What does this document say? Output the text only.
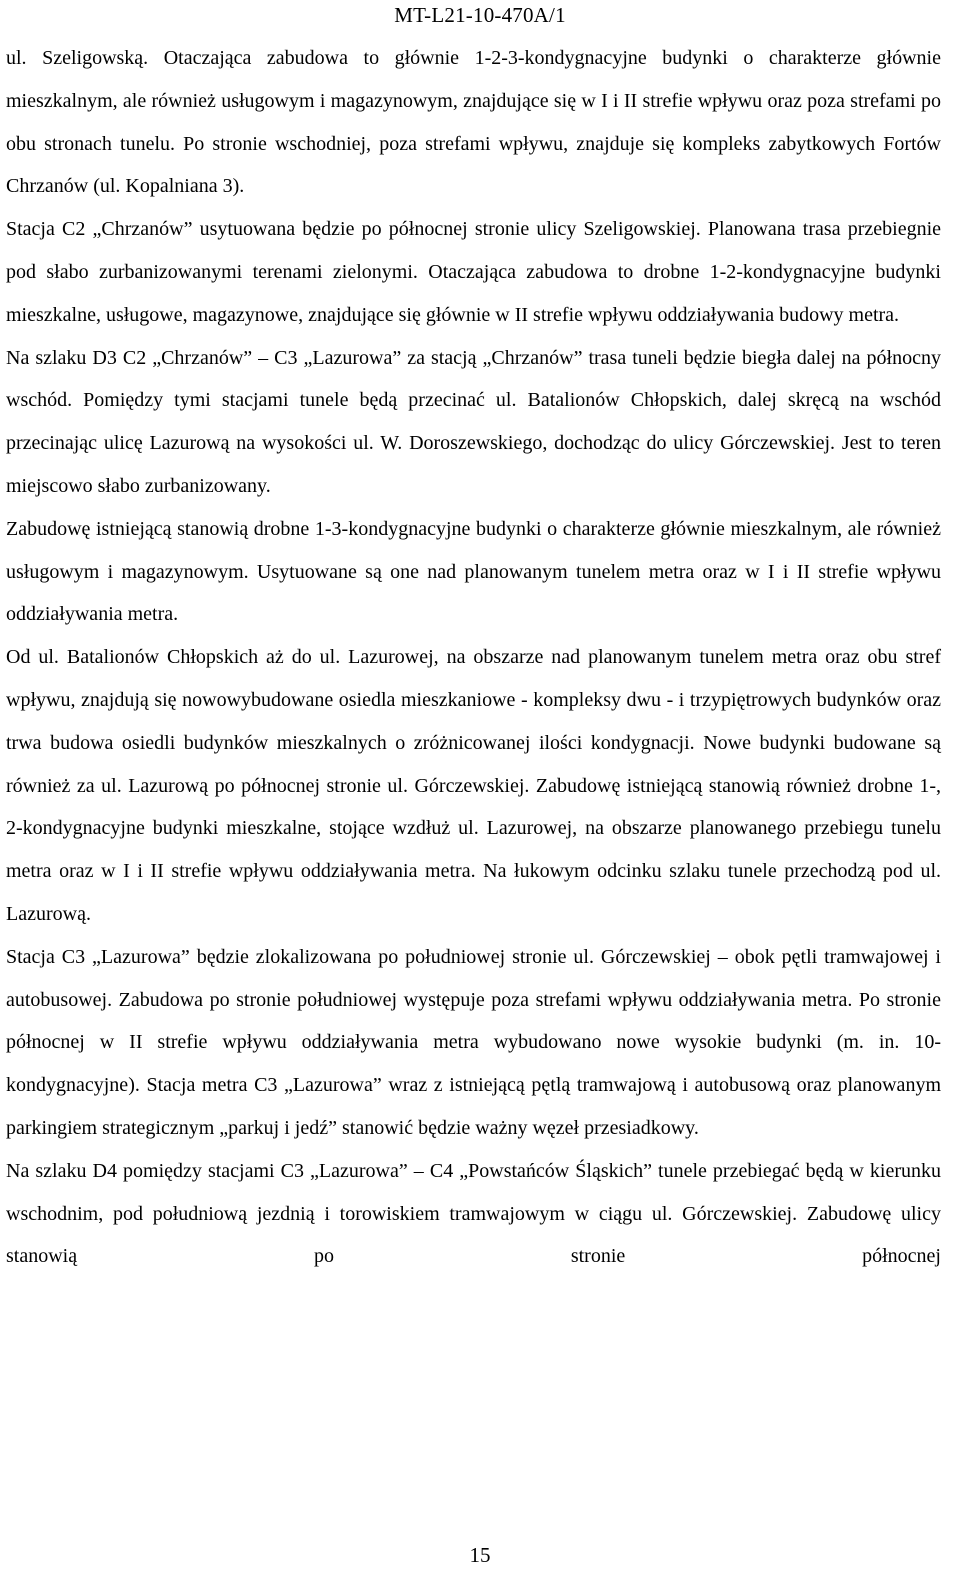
MT-L21-10-470A/1

ul. Szeligowską. Otaczająca zabudowa to głównie 1-2-3-kondygnacyjne budynki o charakterze głównie mieszkalnym, ale również usługowym i magazynowym, znajdujące się w I i II strefie wpływu oraz poza strefami po obu stronach tunelu. Po stronie wschodniej, poza strefami wpływu, znajduje się kompleks zabytkowych Fortów Chrzanów (ul. Kopalniana 3).

Stacja C2 „Chrzanów” usytuowana będzie po północnej stronie ulicy Szeligowskiej. Planowana trasa przebiegnie pod słabo zurbanizowanymi terenami zielonymi. Otaczająca zabudowa to drobne 1-2-kondygnacyjne budynki mieszkalne, usługowe, magazynowe, znajdujące się głównie w II strefie wpływu oddziaływania budowy metra.

Na szlaku D3 C2 „Chrzanów” – C3 „Lazurowa” za stacją „Chrzanów” trasa tuneli będzie biegła dalej na północny wschód. Pomiędzy tymi stacjami tunele będą przecinać ul. Batalionów Chłopskich, dalej skręcą na wschód przecinając ulicę Lazurową na wysokości ul. W. Doroszewskiego, dochodząc do ulicy Górczewskiej. Jest to teren miejscowo słabo zurbanizowany.

Zabudowę istniejącą stanowią drobne 1-3-kondygnacyjne budynki o charakterze głównie mieszkalnym, ale również usługowym i magazynowym. Usytuowane są one nad planowanym tunelem metra oraz w I i II strefie wpływu oddziaływania metra.

Od ul. Batalionów Chłopskich aż do ul. Lazurowej, na obszarze nad planowanym tunelem metra oraz obu stref wpływu, znajdują się nowowybudowane osiedla mieszkaniowe - kompleksy dwu - i trzypiętrowych budynków oraz trwa budowa osiedli budynków mieszkalnych o zróżnicowanej ilości kondygnacji. Nowe budynki budowane są również za ul. Lazurową po północnej stronie ul. Górczewskiej. Zabudowę istniejącą stanowią również drobne 1-, 2-kondygnacyjne budynki mieszkalne, stojące wzdłuż ul. Lazurowej, na obszarze planowanego przebiegu tunelu metra oraz w I i II strefie wpływu oddziaływania metra. Na łukowym odcinku szlaku tunele przechodzą pod ul. Lazurową.

Stacja C3 „Lazurowa” będzie zlokalizowana po południowej stronie ul. Górczewskiej – obok pętli tramwajowej i autobusowej. Zabudowa po stronie południowej występuje poza strefami wpływu oddziaływania metra. Po stronie północnej w II strefie wpływu oddziaływania metra wybudowano nowe wysokie budynki (m. in. 10-kondygnacyjne). Stacja metra C3 „Lazurowa” wraz z istniejącą pętlą tramwajową i autobusową oraz planowanym parkingiem strategicznym „parkuj i jedź” stanowić będzie ważny węzeł przesiadkowy.

Na szlaku D4 pomiędzy stacjami C3 „Lazurowa” – C4 „Powstańców Śląskich” tunele przebiegać będą w kierunku wschodnim, pod południową jezdnią i torowiskiem tramwajowym w ciągu ul. Górczewskiej. Zabudowę ulicy stanowią po stronie północnej

15
